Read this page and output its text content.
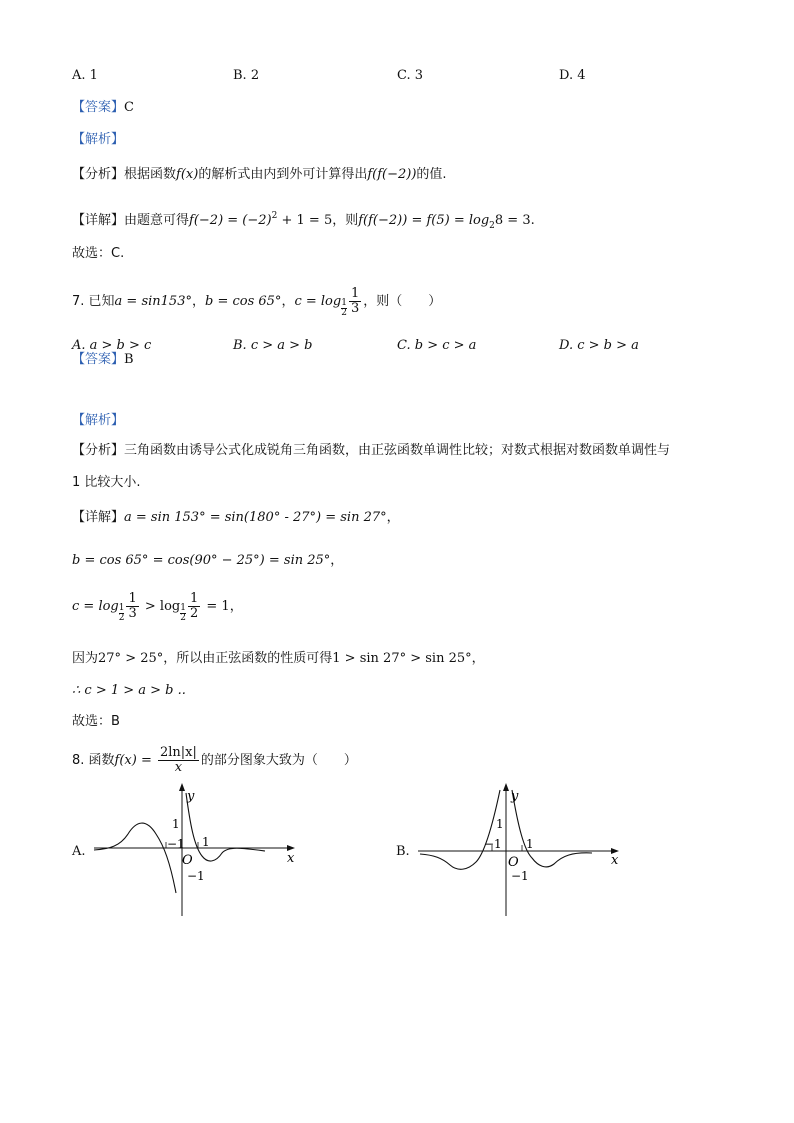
A. 1	B. 2	C. 3	D. 4
【答案】C
【解析】
【分析】根据函数f(x)的解析式由内到外可计算得出f(f(−2))的值.
【详解】由题意可得$f(-2) = (-2)^2 + 1 = 5$，则$f(f(-2)) = f(5) = \log_28 = 3$.
故选：C.
7. 已知a = sin153°，b = cos 65°，$c = \log \frac{1}{2} \frac{1}{3}$ ，则（　　）
A. a > b > c	B. c > a > b	C. b > c > a	D. c > b > a
【答案】B
【解析】
【分析】三角函数由诱导公式化成锐角三角函数，由正弦函数单调性比较；对数式根据对数函数单调性与
1 比较大小.
【详解】a = sin 153° = sin(180° - 27°) = sin 27°，
b = cos 65° = cos(90° − 25°) = sin 25°，
$c = \log \frac{1}{2} \frac{1}{3} > \log \frac{1}{2} \frac{1}{2} = 1$，
因为27° > 25°，所以由正弦函数的性质可得1 > sin 27° > sin 25°，
∴ c > 1 > a > b ..
故选：B
8. 函数$f(x) = \frac{2\ln|x|}{x}$ 的部分图象大致为（　　）
A.	−1 1
1
−1
O
y
x	B.	−1 1
1
−1
O
y
x
